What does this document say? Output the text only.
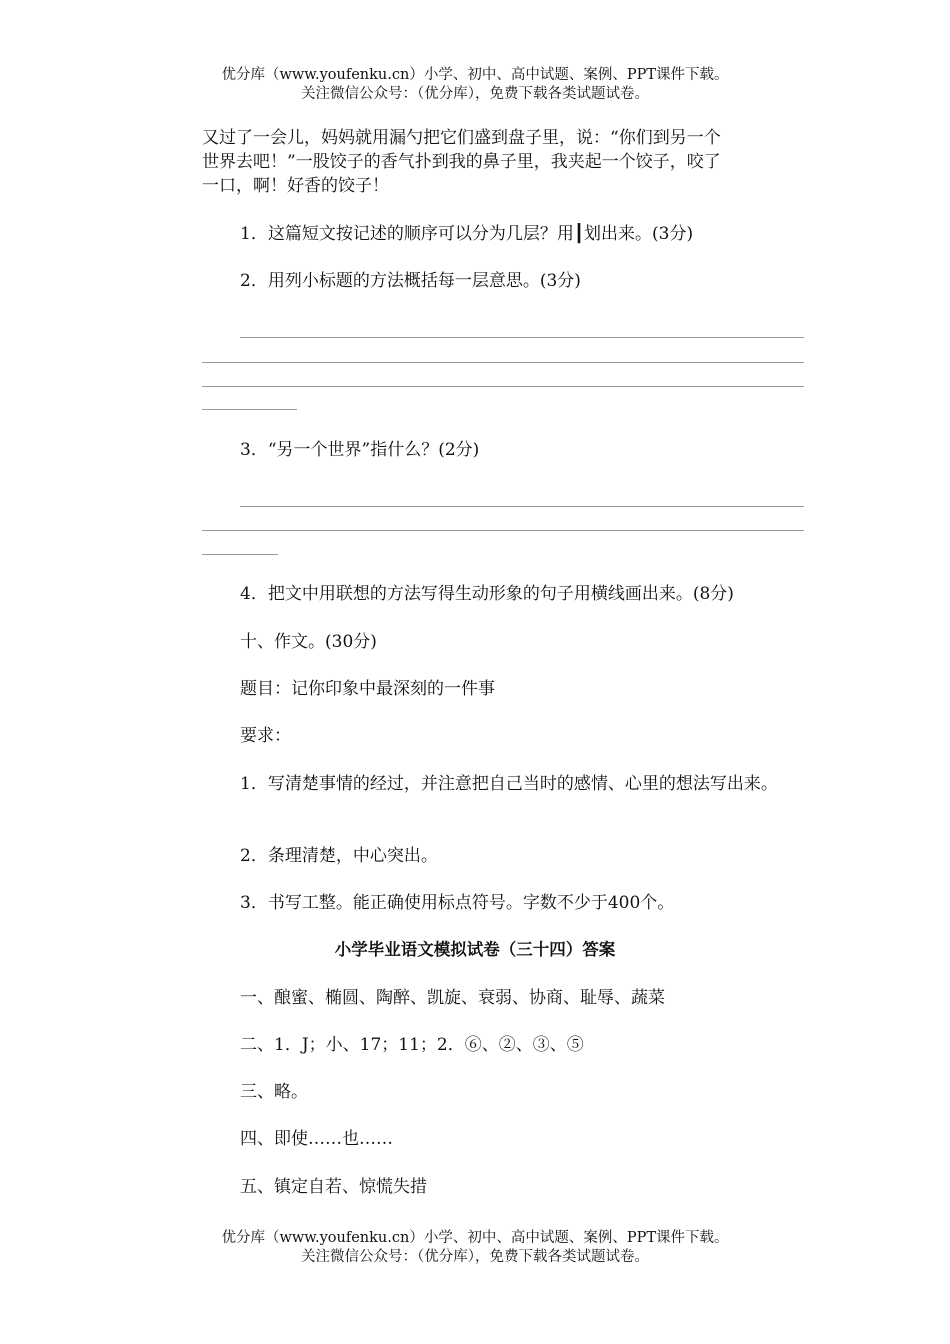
优分库（www.youfenku.cn）小学、初中、高中试题、案例、PPT课件下载。
关注微信公众号：（优分库），免费下载各类试题试卷。
又过了一会儿，妈妈就用漏勺把它们盛到盘子里，说：“你们到另一个
世界去吧！”一股饺子的香气扑到我的鼻子里，我夹起一个饺子，咬了
一口，啊！好香的饺子！
1．这篇短文按记述的顺序可以分为几层？用┃划出来。(3分)
2．用列小标题的方法概括每一层意思。(3分)
3．“另一个世界”指什么？(2分)
4．把文中用联想的方法写得生动形象的句子用横线画出来。(8分)
十、作文。(30分)
题目：记你印象中最深刻的一件事
要求：
1．写清楚事情的经过，并注意把自己当时的感情、心里的想法写出来。
2．条理清楚，中心突出。
3．书写工整。能正确使用标点符号。字数不少于400个。
小学毕业语文模拟试卷（三十四）答案
一、酿蜜、椭圆、陶醉、凯旋、衰弱、协商、耻辱、蔬菜
二、1．J；小、17；11；2．⑥、②、③、⑤
三、略。
四、即使……也……
五、镇定自若、惊慌失措
优分库（www.youfenku.cn）小学、初中、高中试题、案例、PPT课件下载。
关注微信公众号：（优分库），免费下载各类试题试卷。
